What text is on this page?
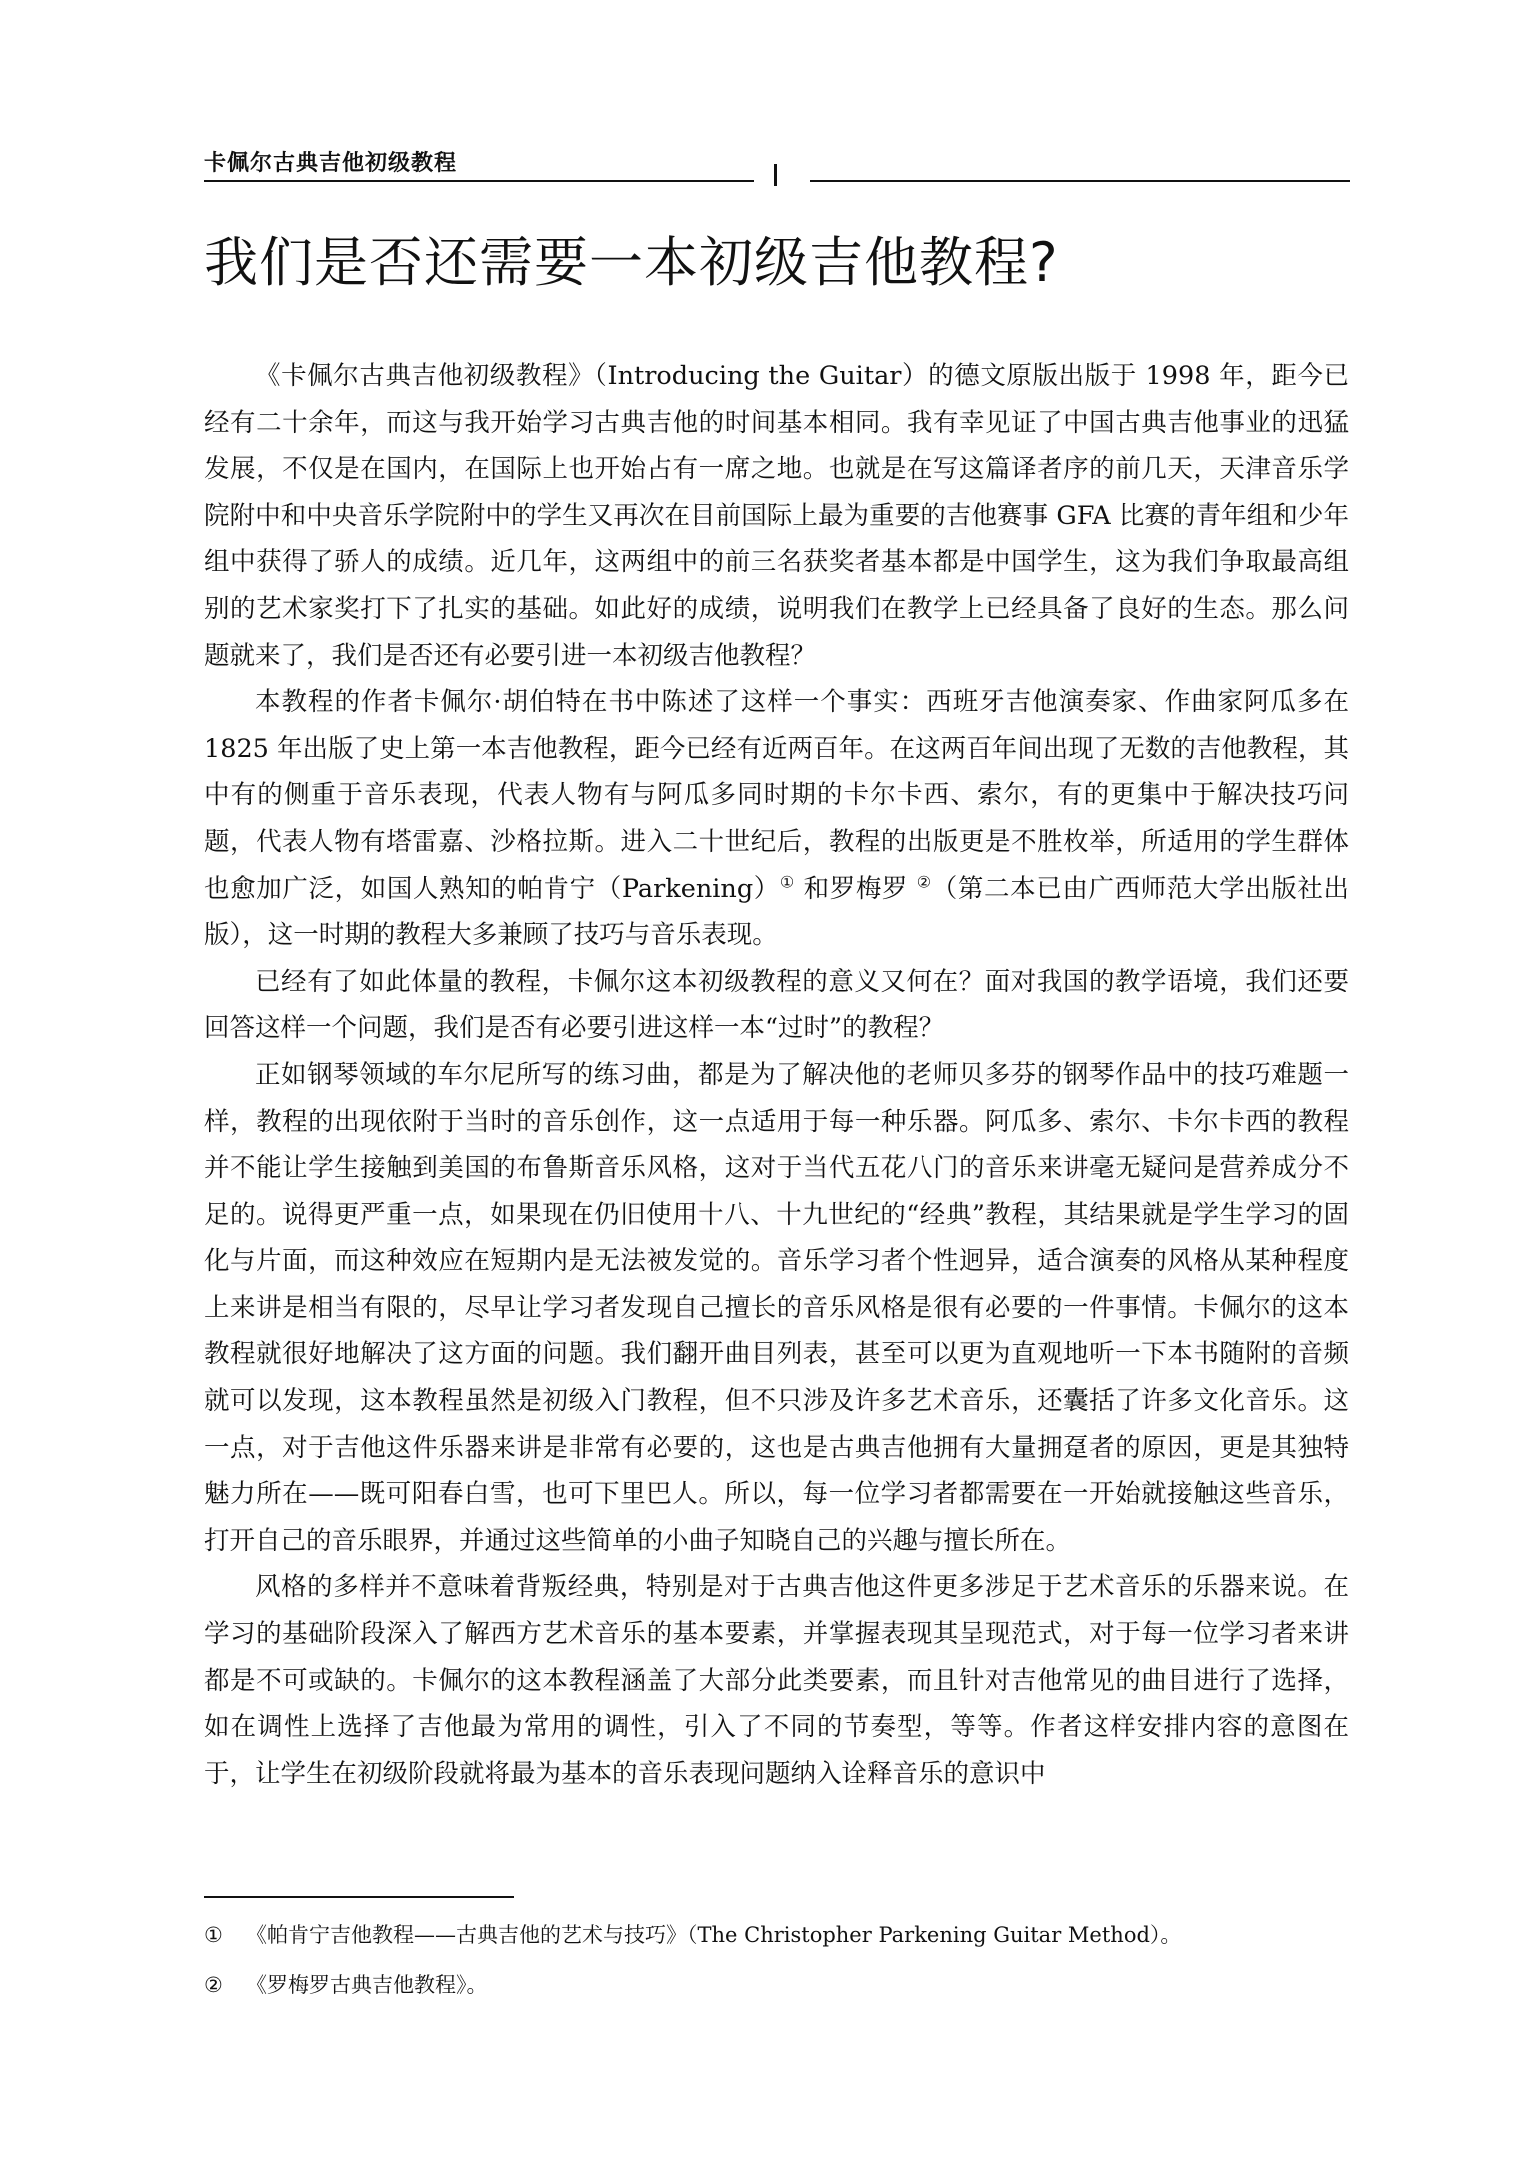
卡佩尔古典吉他初级教程
我们是否还需要一本初级吉他教程?

《卡佩尔古典吉他初级教程》（Introducing the Guitar）的德文原版出版于 1998 年，距今已经有二十余年，而这与我开始学习古典吉他的时间基本相同。我有幸见证了中国古典吉他事业的迅猛发展，不仅是在国内，在国际上也开始占有一席之地。也就是在写这篇译者序的前几天，天津音乐学院附中和中央音乐学院附中的学生又再次在目前国际上最为重要的吉他赛事 GFA 比赛的青年组和少年组中获得了骄人的成绩。近几年，这两组中的前三名获奖者基本都是中国学生，这为我们争取最高组别的艺术家奖打下了扎实的基础。如此好的成绩，说明我们在教学上已经具备了良好的生态。那么问题就来了，我们是否还有必要引进一本初级吉他教程？

本教程的作者卡佩尔·胡伯特在书中陈述了这样一个事实：西班牙吉他演奏家、作曲家阿瓜多在 1825 年出版了史上第一本吉他教程，距今已经有近两百年。在这两百年间出现了无数的吉他教程，其中有的侧重于音乐表现，代表人物有与阿瓜多同时期的卡尔卡西、索尔，有的更集中于解决技巧问题，代表人物有塔雷嘉、沙格拉斯。进入二十世纪后，教程的出版更是不胜枚举，所适用的学生群体也愈加广泛，如国人熟知的帕肯宁（Parkening）① 和罗梅罗 ②（第二本已由广西师范大学出版社出版），这一时期的教程大多兼顾了技巧与音乐表现。

已经有了如此体量的教程，卡佩尔这本初级教程的意义又何在？面对我国的教学语境，我们还要回答这样一个问题，我们是否有必要引进这样一本“过时”的教程？

正如钢琴领域的车尔尼所写的练习曲，都是为了解决他的老师贝多芬的钢琴作品中的技巧难题一样，教程的出现依附于当时的音乐创作，这一点适用于每一种乐器。阿瓜多、索尔、卡尔卡西的教程并不能让学生接触到美国的布鲁斯音乐风格，这对于当代五花八门的音乐来讲毫无疑问是营养成分不足的。说得更严重一点，如果现在仍旧使用十八、十九世纪的“经典”教程，其结果就是学生学习的固化与片面，而这种效应在短期内是无法被发觉的。音乐学习者个性迥异，适合演奏的风格从某种程度上来讲是相当有限的，尽早让学习者发现自己擅长的音乐风格是很有必要的一件事情。卡佩尔的这本教程就很好地解决了这方面的问题。我们翻开曲目列表，甚至可以更为直观地听一下本书随附的音频就可以发现，这本教程虽然是初级入门教程，但不只涉及许多艺术音乐，还囊括了许多文化音乐。这一点，对于吉他这件乐器来讲是非常有必要的，这也是古典吉他拥有大量拥趸者的原因，更是其独特魅力所在——既可阳春白雪，也可下里巴人。所以，每一位学习者都需要在一开始就接触这些音乐，打开自己的音乐眼界，并通过这些简单的小曲子知晓自己的兴趣与擅长所在。

风格的多样并不意味着背叛经典，特别是对于古典吉他这件更多涉足于艺术音乐的乐器来说。在学习的基础阶段深入了解西方艺术音乐的基本要素，并掌握表现其呈现范式，对于每一位学习者来讲都是不可或缺的。卡佩尔的这本教程涵盖了大部分此类要素，而且针对吉他常见的曲目进行了选择，如在调性上选择了吉他最为常用的调性，引入了不同的节奏型，等等。作者这样安排内容的意图在于，让学生在初级阶段就将最为基本的音乐表现问题纳入诠释音乐的意识中

① 《帕肯宁吉他教程——古典吉他的艺术与技巧》（The Christopher Parkening Guitar Method）。
② 《罗梅罗古典吉他教程》。
